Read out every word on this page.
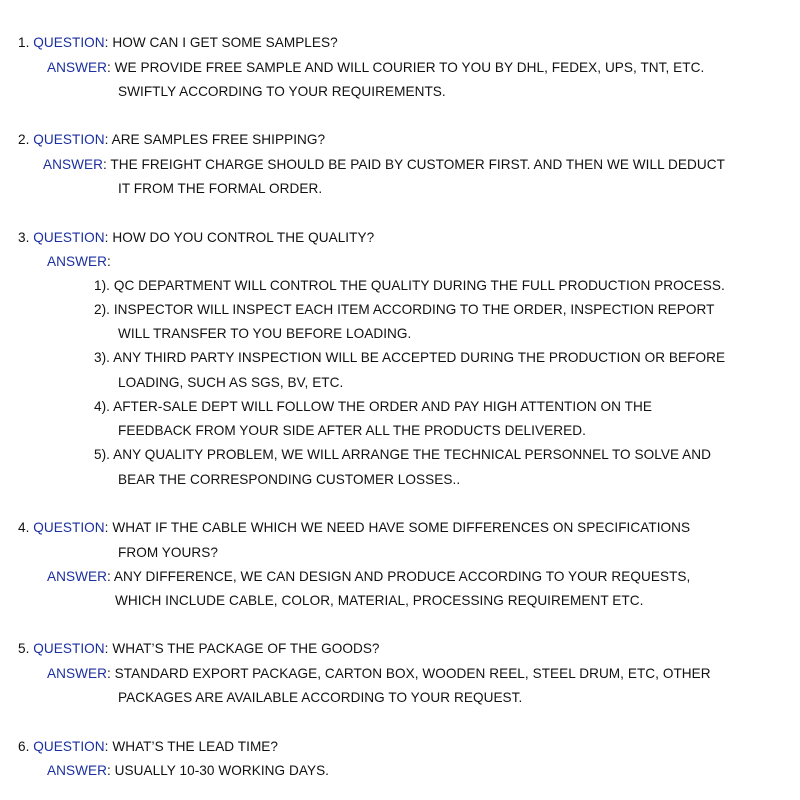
1. QUESTION: HOW CAN I GET SOME SAMPLES?
ANSWER: WE PROVIDE FREE SAMPLE AND WILL COURIER TO YOU BY DHL, FEDEX, UPS, TNT, ETC.
SWIFTLY ACCORDING TO YOUR REQUIREMENTS.
2. QUESTION: ARE SAMPLES FREE SHIPPING?
ANSWER: THE FREIGHT CHARGE SHOULD BE PAID BY CUSTOMER FIRST. AND THEN WE WILL DEDUCT
IT FROM THE FORMAL ORDER.
3. QUESTION: HOW DO YOU CONTROL THE QUALITY?
ANSWER:
1). QC DEPARTMENT WILL CONTROL THE QUALITY DURING THE FULL PRODUCTION PROCESS.
2). INSPECTOR WILL INSPECT EACH ITEM ACCORDING TO THE ORDER, INSPECTION REPORT
WILL TRANSFER TO YOU BEFORE LOADING.
3). ANY THIRD PARTY INSPECTION WILL BE ACCEPTED DURING THE PRODUCTION OR BEFORE
LOADING, SUCH AS SGS, BV, ETC.
4). AFTER-SALE DEPT WILL FOLLOW THE ORDER AND PAY HIGH ATTENTION ON THE
FEEDBACK FROM YOUR SIDE AFTER ALL THE PRODUCTS DELIVERED.
5). ANY QUALITY PROBLEM, WE WILL ARRANGE THE TECHNICAL PERSONNEL TO SOLVE AND
BEAR THE CORRESPONDING CUSTOMER LOSSES..
4. QUESTION: WHAT IF THE CABLE WHICH WE NEED HAVE SOME DIFFERENCES ON SPECIFICATIONS
FROM YOURS?
ANSWER: ANY DIFFERENCE, WE CAN DESIGN AND PRODUCE ACCORDING TO YOUR REQUESTS,
WHICH INCLUDE CABLE, COLOR, MATERIAL, PROCESSING REQUIREMENT ETC.
5. QUESTION: WHAT’S THE PACKAGE OF THE GOODS?
ANSWER: STANDARD EXPORT PACKAGE, CARTON BOX, WOODEN REEL, STEEL DRUM, ETC, OTHER
PACKAGES ARE AVAILABLE ACCORDING TO YOUR REQUEST.
6. QUESTION: WHAT’S THE LEAD TIME?
ANSWER: USUALLY 10-30 WORKING DAYS.
